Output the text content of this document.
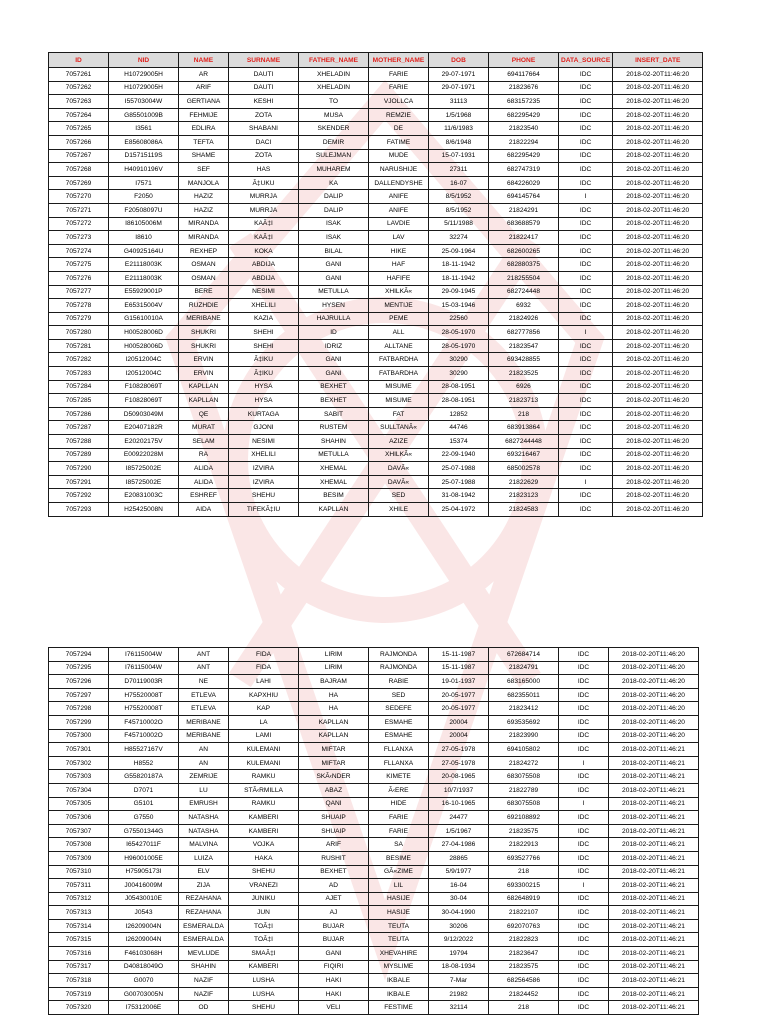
ID	NID	NAME	SURNAME	FATHER_NAME	MOTHER_NAME	DOB	PHONE	DATA_SOURCE	INSERT_DATE
7057261	H10729005H	AR	DAUTI	XHELADIN	FARIE	29-07-1971	694117664	IDC	2018-02-20T11:46:20
7057262	H10729005H	ARIF	DAUTI	XHELADIN	FARIE	29-07-1971	21823676	IDC	2018-02-20T11:46:20
7057263	I55703004W	GERTIANA	KESHI	TO	VJOLLCA	31113	683157235	IDC	2018-02-20T11:46:20
7057264	G85501009B	FEHMIJE	ZOTA	MUSA	REMZIE	1/5/1968	682295429	IDC	2018-02-20T11:46:20
7057265	I3561	EDLIRA	SHABANI	SKENDER	DE	11/6/1983	21823540	IDC	2018-02-20T11:46:20
7057266	E85608086A	TEFTA	DACI	DEMIR	FATIME	8/6/1948	21822294	IDC	2018-02-20T11:46:20
7057267	D15715119S	SHAME	ZOTA	SULEJMAN	MUDE	15-07-1931	682295429	IDC	2018-02-20T11:46:20
7057268	H40910196V	SEF	HAS	MUHAREM	NARUSHIJE	27311	682747319	IDC	2018-02-20T11:46:20
7057269	I7571	MANJOLA	Ã‡UKU	KA	DALLENDYSHE	16-07	684226029	IDC	2018-02-20T11:46:20
7057270	F2050	HAZIZ	MURRJA	DALIP	ANIFE	8/5/1952	694145764	I	2018-02-20T11:46:20
7057271	F20508097U	HAZIZ	MURRJA	DALIP	ANIFE	8/5/1952	21824291	IDC	2018-02-20T11:46:20
7057272	I86105006M	MIRANDA	KAÃ‡I	ISAK	LAVDIE	5/11/1988	683688579	IDC	2018-02-20T11:46:20
7057273	I8610	MIRANDA	KAÃ‡I	ISAK	LAV	32274	21822417	IDC	2018-02-20T11:46:20
7057274	G40925164U	REXHEP	KOKA	BILAL	HIKE	25-09-1964	682600265	IDC	2018-02-20T11:46:20
7057275	E21118003K	OSMAN	ABDIJA	GANI	HAF	18-11-1942	682880375	IDC	2018-02-20T11:46:20
7057276	E21118003K	OSMAN	ABDIJA	GANI	HAFIFE	18-11-1942	218255504	IDC	2018-02-20T11:46:20
7057277	E55929001P	BERE	NESIMI	METULLA	XHILKÃ«	29-09-1945	682724448	IDC	2018-02-20T11:46:20
7057278	E65315004V	RUZHDIE	XHELILI	HYSEN	MENTIJE	15-03-1946	6932	IDC	2018-02-20T11:46:20
7057279	G15610010A	MERIBANE	KAZIA	HAJRULLA	PEME	22560	21824926	IDC	2018-02-20T11:46:20
7057280	H00528006D	SHUKRI	SHEHI	ID	ALL	28-05-1970	682777856	I	2018-02-20T11:46:20
7057281	H00528006D	SHUKRI	SHEHI	IDRIZ	ALLTANE	28-05-1970	21823547	IDC	2018-02-20T11:46:20
7057282	I20512004C	ERVIN	Ã‡IKU	GANI	FATBARDHA	30290	693428855	IDC	2018-02-20T11:46:20
7057283	I20512004C	ERVIN	Ã‡IKU	GANI	FATBARDHA	30290	21823525	IDC	2018-02-20T11:46:20
7057284	F10828069T	KAPLLAN	HYSA	BEXHET	MISUME	28-08-1951	6926	IDC	2018-02-20T11:46:20
7057285	F10828069T	KAPLLAN	HYSA	BEXHET	MISUME	28-08-1951	21823713	IDC	2018-02-20T11:46:20
7057286	D50903049M	QE	KURTAGA	SABIT	FAT	12852	218	IDC	2018-02-20T11:46:20
7057287	E20407182R	MURAT	GJONI	RUSTEM	SULLTANÃ«	44746	683913864	IDC	2018-02-20T11:46:20
7057288	E20202175V	SELAM	NESIMI	SHAHIN	AZIZE	15374	6827244448	IDC	2018-02-20T11:46:20
7057289	E00922028M	RA	XHELILI	METULLA	XHILKÃ«	22-09-1940	693216467	IDC	2018-02-20T11:46:20
7057290	I85725002E	ALIDA	IZVIRA	XHEMAL	DAVÃ«	25-07-1988	685002578	IDC	2018-02-20T11:46:20
7057291	I85725002E	ALIDA	IZVIRA	XHEMAL	DAVÃ«	25-07-1988	21822629	I	2018-02-20T11:46:20
7057292	E20831003C	ESHREF	SHEHU	BESIM	SED	31-08-1942	21823123	IDC	2018-02-20T11:46:20
7057293	H25425008N	AIDA	TIFEKÃ‡IU	KAPLLAN	XHILE	25-04-1972	21824583	IDC	2018-02-20T11:46:20
7057294	I76115004W	ANT	FIDA	LIRIM	RAJMONDA	15-11-1987	672684714	IDC	2018-02-20T11:46:20
7057295	I76115004W	ANT	FIDA	LIRIM	RAJMONDA	15-11-1987	21824791	IDC	2018-02-20T11:46:20
7057296	D70119003R	NE	LAHI	BAJRAM	RABIE	19-01-1937	683165000	IDC	2018-02-20T11:46:20
7057297	H75520008T	ETLEVA	KAPXHIU	HA	SED	20-05-1977	682355011	IDC	2018-02-20T11:46:20
7057298	H75520008T	ETLEVA	KAP	HA	SEDEFE	20-05-1977	21823412	IDC	2018-02-20T11:46:20
7057299	F45710002O	MERIBANE	LA	KAPLLAN	ESMAHE	20004	693535692	IDC	2018-02-20T11:46:20
7057300	F45710002O	MERIBANE	LAMI	KAPLLAN	ESMAHE	20004	21823990	IDC	2018-02-20T11:46:20
7057301	H85527167V	AN	KULEMANI	MIFTAR	FLLANXA	27-05-1978	694105802	IDC	2018-02-20T11:46:21
7057302	H8552	AN	KULEMANI	MIFTAR	FLLANXA	27-05-1978	21824272	I	2018-02-20T11:46:21
7057303	G55820187A	ZEMRIJE	RAMKU	SKÃ‹NDER	KIMETE	20-08-1965	683075508	IDC	2018-02-20T11:46:21
7057304	D7071	LU	STÃ‹RMILLA	ABAZ	Ã‹ERE	10/7/1937	21822789	IDC	2018-02-20T11:46:21
7057305	G5101	EMRUSH	RAMKU	QANI	HIDE	16-10-1965	683075508	I	2018-02-20T11:46:21
7057306	G7550	NATASHA	KAMBERI	SHUAIP	FARIE	24477	692108892	IDC	2018-02-20T11:46:21
7057307	G75501344G	NATASHA	KAMBERI	SHUAIP	FARIE	1/5/1967	21823575	IDC	2018-02-20T11:46:21
7057308	I65427011F	MALVINA	VOJKA	ARIF	SA	27-04-1986	21822913	IDC	2018-02-20T11:46:21
7057309	H96001005E	LUIZA	HAKA	RUSHIT	BESIME	28865	693527766	IDC	2018-02-20T11:46:21
7057310	H75905173I	ELV	SHEHU	BEXHET	GÃ«ZIME	5/9/1977	218	IDC	2018-02-20T11:46:21
7057311	J00416009M	ZIJA	VRANEZI	AD	LIL	16-04	693300215	I	2018-02-20T11:46:21
7057312	J05430010E	REZAHANA	JUNIKU	AJET	HASIJE	30-04	682648919	IDC	2018-02-20T11:46:21
7057313	J0543	REZAHANA	JUN	AJ	HASIJE	30-04-1990	21822107	IDC	2018-02-20T11:46:21
7057314	I26209004N	ESMERALDA	TOÃ‡I	BUJAR	TEUTA	30206	692070763	IDC	2018-02-20T11:46:21
7057315	I26209004N	ESMERALDA	TOÃ‡I	BUJAR	TEUTA	9/12/2022	21822823	IDC	2018-02-20T11:46:21
7057316	F46103068H	MEVLUDE	SMAÃ‡I	GANI	XHEVAHIRE	19794	21823647	IDC	2018-02-20T11:46:21
7057317	D40818049O	SHAHIN	KAMBERI	FIQIRI	MYSLIME	18-08-1934	21823575	IDC	2018-02-20T11:46:21
7057318	G0070	NAZIF	LUSHA	HAKI	IKBALE	7-Mar	682564586	IDC	2018-02-20T11:46:21
7057319	G00703005N	NAZIF	LUSHA	HAKI	IKBALE	21982	21824452	IDC	2018-02-20T11:46:21
7057320	I75312006E	OD	SHEHU	VELI	FESTIME	32114	218	IDC	2018-02-20T11:46:21
